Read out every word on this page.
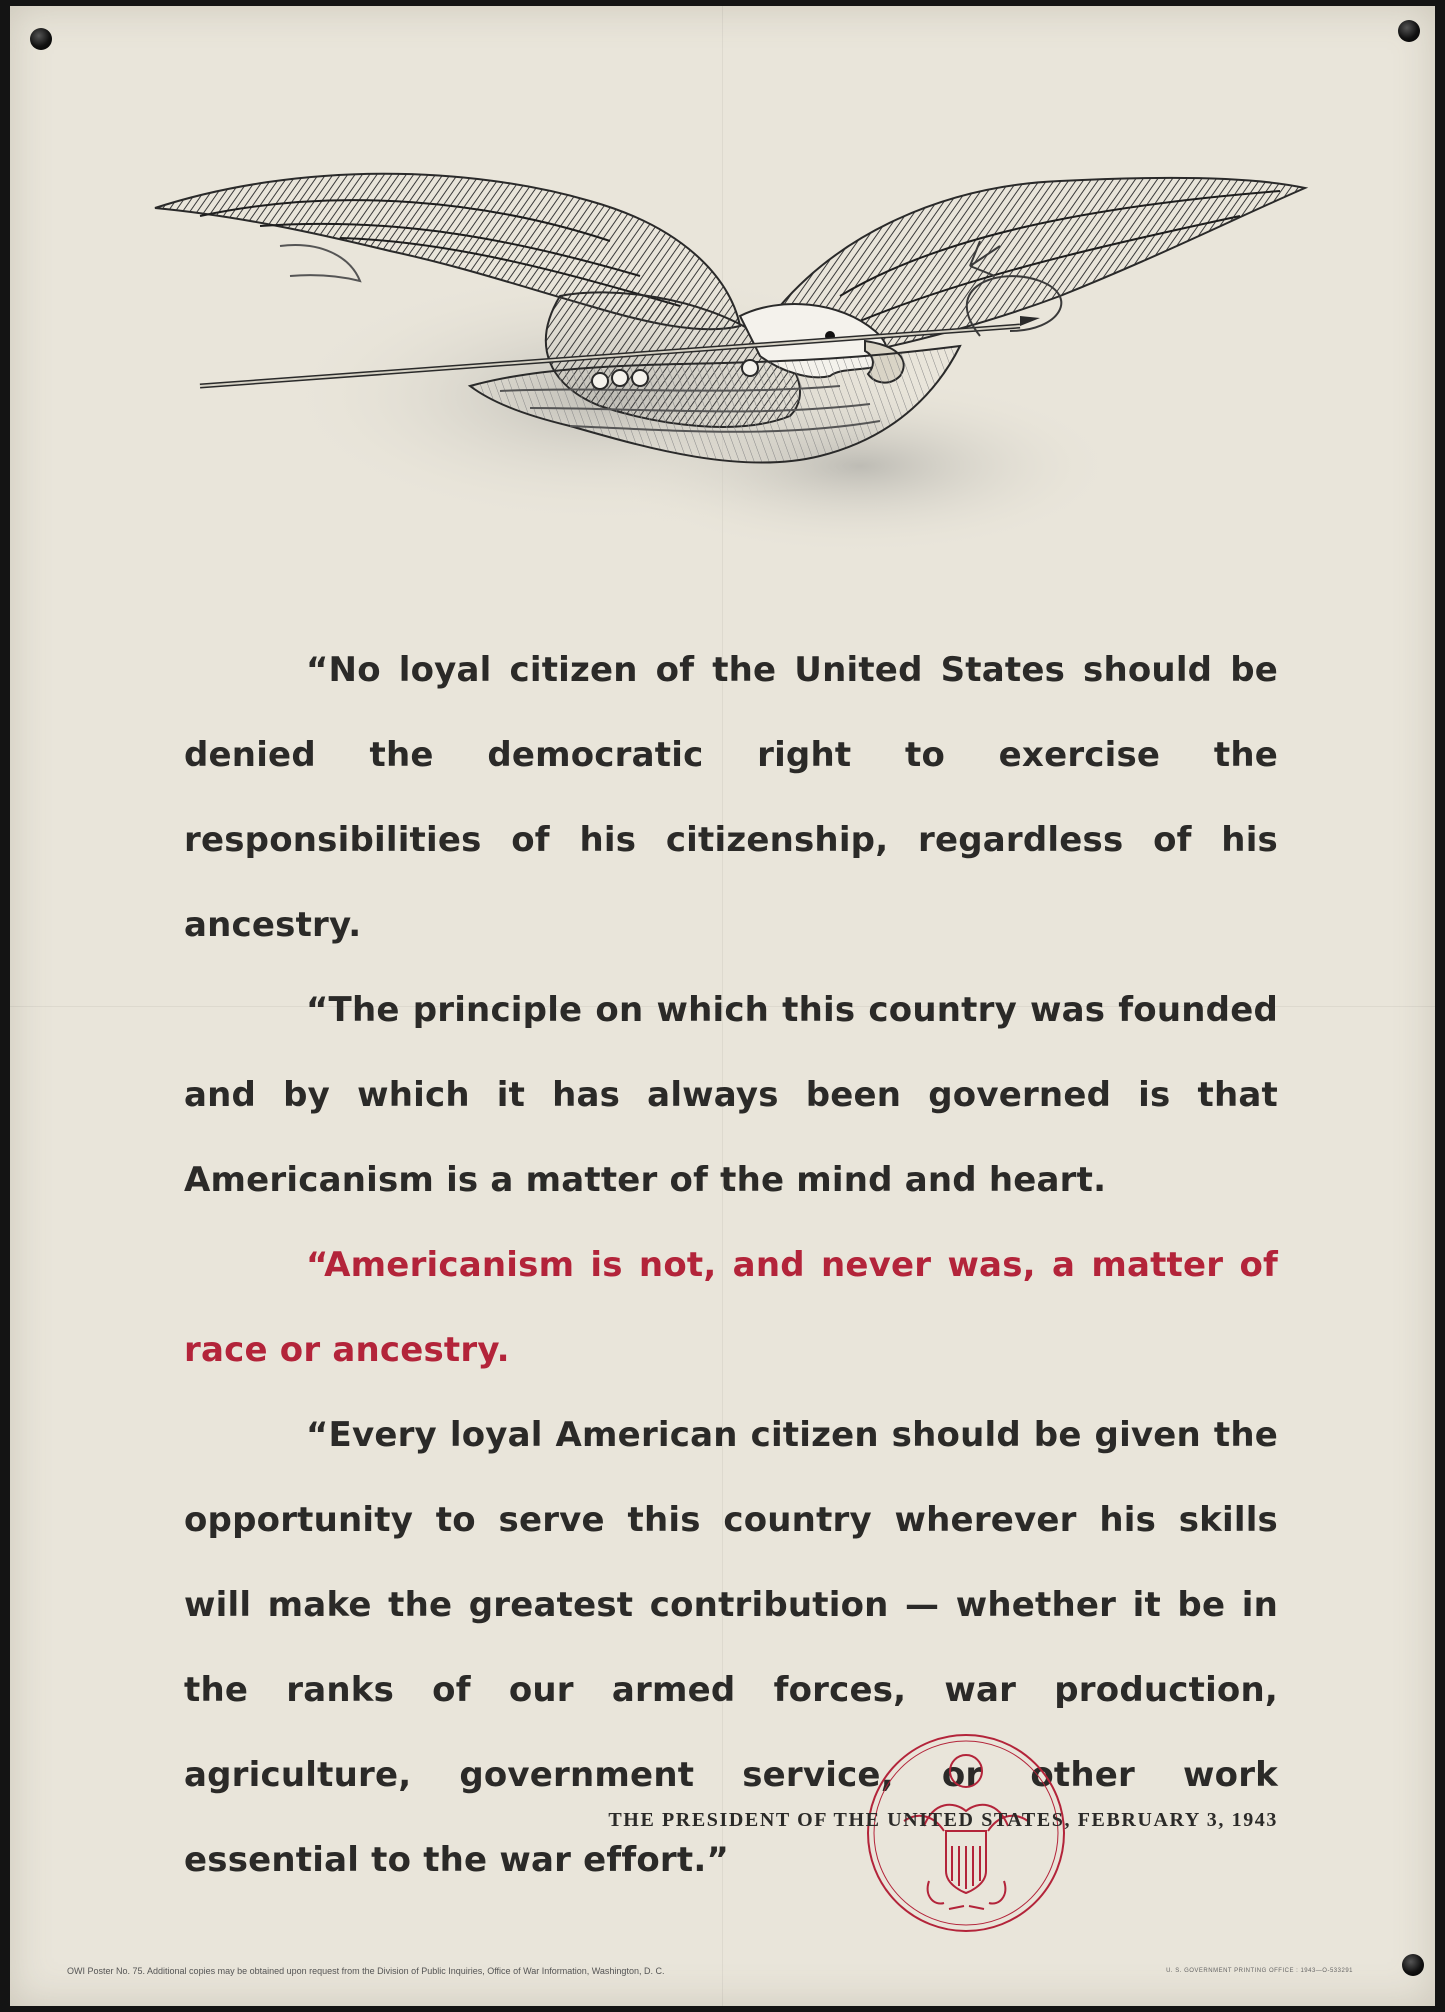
“No loyal citizen of the United States should be denied the democratic right to exercise the responsibilities of his citizenship, regardless of his ancestry.

“The principle on which this country was founded and by which it has always been governed is that Americanism is a matter of the mind and heart.

“Americanism is not, and never was, a matter of race or ancestry.

“Every loyal American citizen should be given the opportunity to serve this country wherever his skills will make the greatest contribution — whether it be in the ranks of our armed forces, war production, agriculture, government service, or other work essential to the war effort.”

THE PRESIDENT OF THE UNITED STATES, FEBRUARY 3, 1943
OWI Poster No. 75. Additional copies may be obtained upon request from the Division of Public Inquiries, Office of War Information, Washington, D. C.	U. S. GOVERNMENT PRINTING OFFICE : 1943—O-533291
